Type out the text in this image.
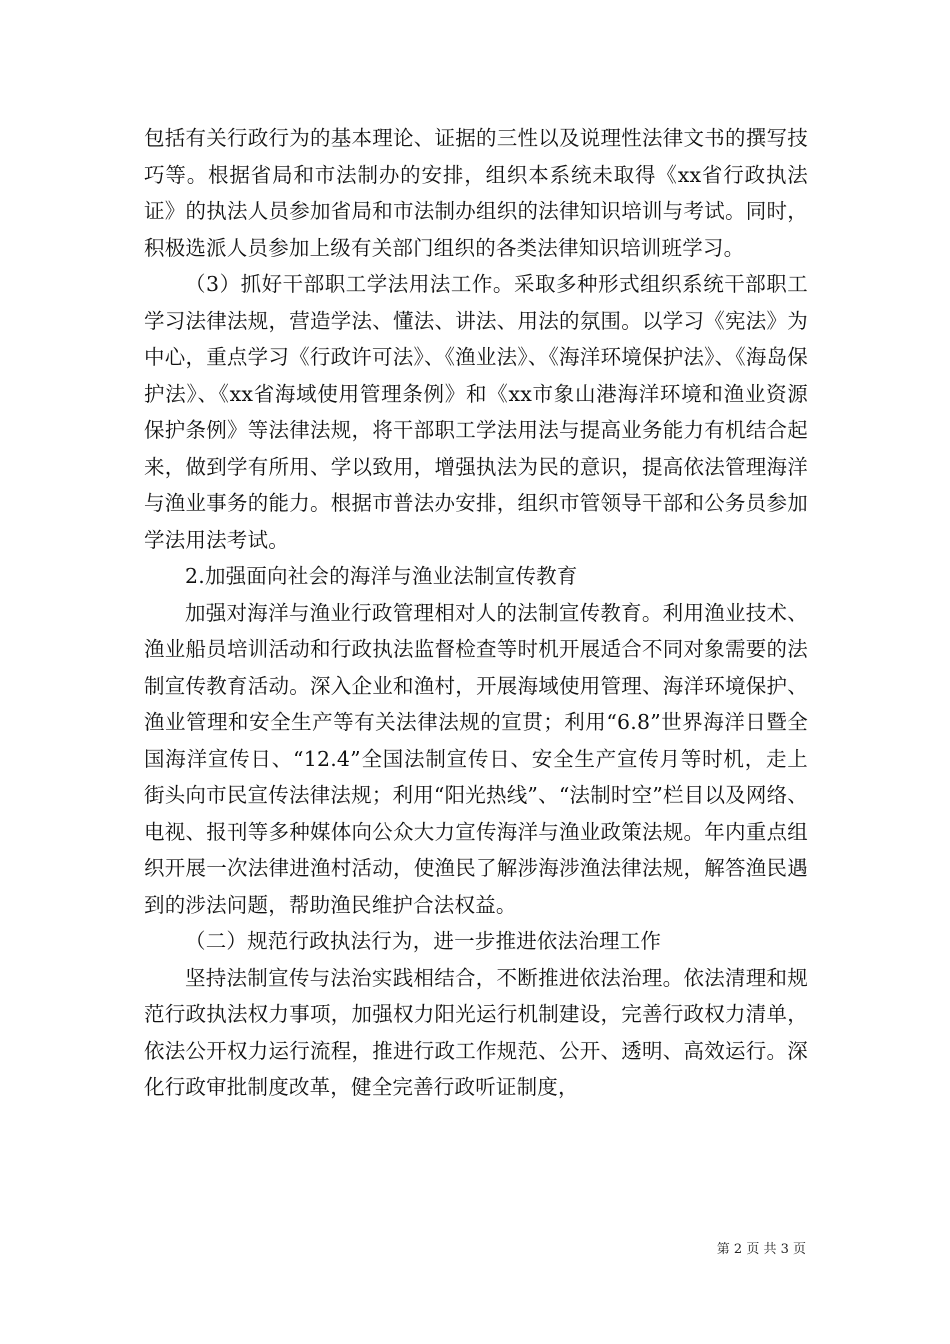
包括有关行政行为的基本理论、证据的三性以及说理性法律文书的撰写技巧等。根据省局和市法制办的安排，组织本系统未取得《xx省行政执法证》的执法人员参加省局和市法制办组织的法律知识培训与考试。同时，积极选派人员参加上级有关部门组织的各类法律知识培训班学习。

（3）抓好干部职工学法用法工作。采取多种形式组织系统干部职工学习法律法规，营造学法、懂法、讲法、用法的氛围。以学习《宪法》为中心，重点学习《行政许可法》、《渔业法》、《海洋环境保护法》、《海岛保护法》、《xx省海域使用管理条例》和《xx市象山港海洋环境和渔业资源保护条例》等法律法规，将干部职工学法用法与提高业务能力有机结合起来，做到学有所用、学以致用，增强执法为民的意识，提高依法管理海洋与渔业事务的能力。根据市普法办安排，组织市管领导干部和公务员参加学法用法考试。

2.加强面向社会的海洋与渔业法制宣传教育

加强对海洋与渔业行政管理相对人的法制宣传教育。利用渔业技术、渔业船员培训活动和行政执法监督检查等时机开展适合不同对象需要的法制宣传教育活动。深入企业和渔村，开展海域使用管理、海洋环境保护、渔业管理和安全生产等有关法律法规的宣贯；利用“6.8”世界海洋日暨全国海洋宣传日、“12.4”全国法制宣传日、安全生产宣传月等时机，走上街头向市民宣传法律法规；利用“阳光热线”、“法制时空”栏目以及网络、电视、报刊等多种媒体向公众大力宣传海洋与渔业政策法规。年内重点组织开展一次法律进渔村活动，使渔民了解涉海涉渔法律法规，解答渔民遇到的涉法问题，帮助渔民维护合法权益。

（二）规范行政执法行为，进一步推进依法治理工作

坚持法制宣传与法治实践相结合，不断推进依法治理。依法清理和规范行政执法权力事项，加强权力阳光运行机制建设，完善行政权力清单，依法公开权力运行流程，推进行政工作规范、公开、透明、高效运行。深化行政审批制度改革，健全完善行政听证制度，

第 2 页 共 3 页
